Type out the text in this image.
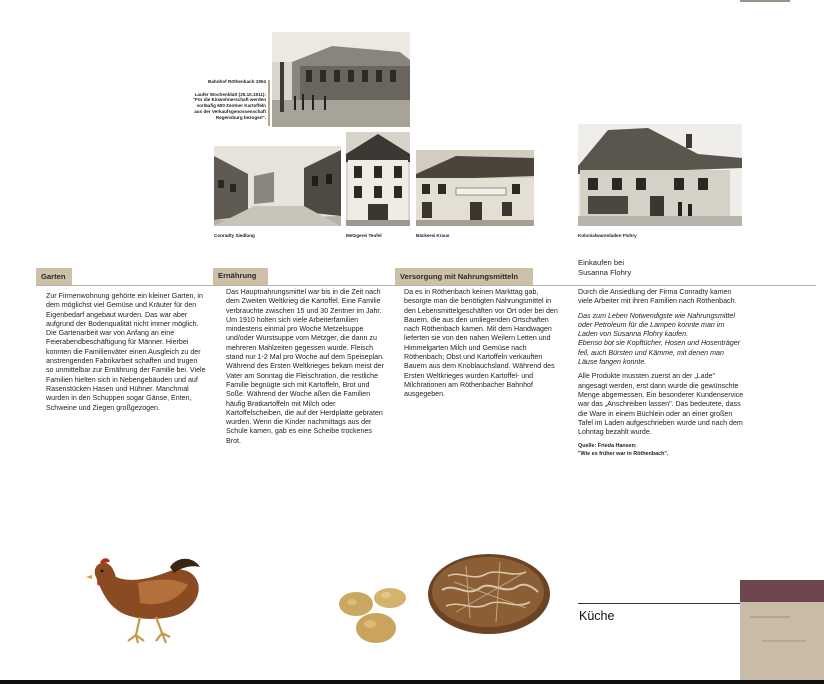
Bahnhof Röthenbach 1904
Laufer Wochenblatt (25.10.1911):
"Für die Einwohnerschaft werden
vorläufig 600 Zentner Kartoffeln
aus der Verkaufsgenossenschaft
Regensburg bezogen".
Conradty Siedlung	Metzgerei Teufel	Bäckerei Kraus	Kolonialwarenladen Flohry
Garten	Ernährung	Versorgung mit Nahrungsmitteln
Einkaufen bei
Susanna Flohry

Zur Firmenwohnung gehörte ein kleiner Garten, in dem möglichst viel Gemüse und Kräuter für den Eigenbedarf angebaut wurden. Das war aber aufgrund der Bodenqualität nicht immer möglich. Die Gartenarbeit war von Anfang an eine Feierabendbeschäftigung für Männer. Hierbei konnten die Familienväter einen Ausgleich zu der anstrengenden Fabrikarbeit schaffen und trugen so unmittelbar zur Ernährung der Familie bei. Viele Familien hielten sich in Nebengebäuden und auf Rasenstücken Hasen und Hühner. Manchmal wurden in den Schuppen sogar Gänse, Enten, Schweine und Ziegen großgezogen.

Das Hauptnahrungsmittel war bis in die Zeit nach dem Zweiten Weltkrieg die Kartoffel. Eine Familie verbrauchte zwischen 15 und 30 Zentner im Jahr. Um 1910 holten sich viele Arbeiterfamilien mindestens einmal pro Woche Metzelsuppe und/oder Wurstsuppe vom Metzger, die dann zu mehreren Mahlzeiten gegessen wurde. Fleisch stand nur 1-2 Mal pro Woche auf dem Speiseplan. Während des Ersten Weltkrieges bekam meist der Vater am Sonntag die Fleischration, die restliche Familie begnügte sich mit Kartoffeln, Brot und Soße. Während der Woche aßen die Familien häufig Bratkartoffeln mit Milch oder Kartoffelscheiben, die auf der Herdplatte gebraten wurden. Wenn die Kinder nachmittags aus der Schule kamen, gab es eine Scheibe trockenes Brot.

Da es in Röthenbach keinen Markttag gab, besorgte man die benötigten Nahrungsmittel in den Lebensmittelgeschäften vor Ort oder bei den Bauern, die aus den umliegenden Ortschaften nach Röthenbach kamen. Mit dem Handwagen lieferten sie von den nahen Weilern Letten und Himmelgarten Milch und Gemüse nach Röthenbach; Obst und Kartoffeln verkauften Bauern aus dem Knoblauchsland. Während des Ersten Weltkrieges wurden Kartoffel- und Milchrationen am Röthenbacher Bahnhof ausgegeben.

Durch die Ansiedlung der Firma Conradty kamen viele Arbeiter mit ihren Familien nach Röthenbach.

Das zum Leben Notwendigste wie Nahrungsmittel oder Petroleum für die Lampen konnte man im Laden von Susanna Flohry kaufen.

Ebenso bot sie Kopftücher, Hosen und Hosenträger feil, auch Bürsten und Kämme, mit denen man Läuse fangen konnte.

Alle Produkte mussten zuerst an der „Lade" angesagt werden, erst dann wurde die gewünschte Menge abgemessen. Ein besonderer Kundenservice war das „Anschreiben lassen". Das bedeutete, dass die Ware in einem Büchlein oder an einer großen Tafel im Laden aufgeschrieben wurde und nach dem Lohntag bezahlt wurde.

Quelle: Frieda Hansen:
"Wie es früher war in Röthenbach".
Küche
